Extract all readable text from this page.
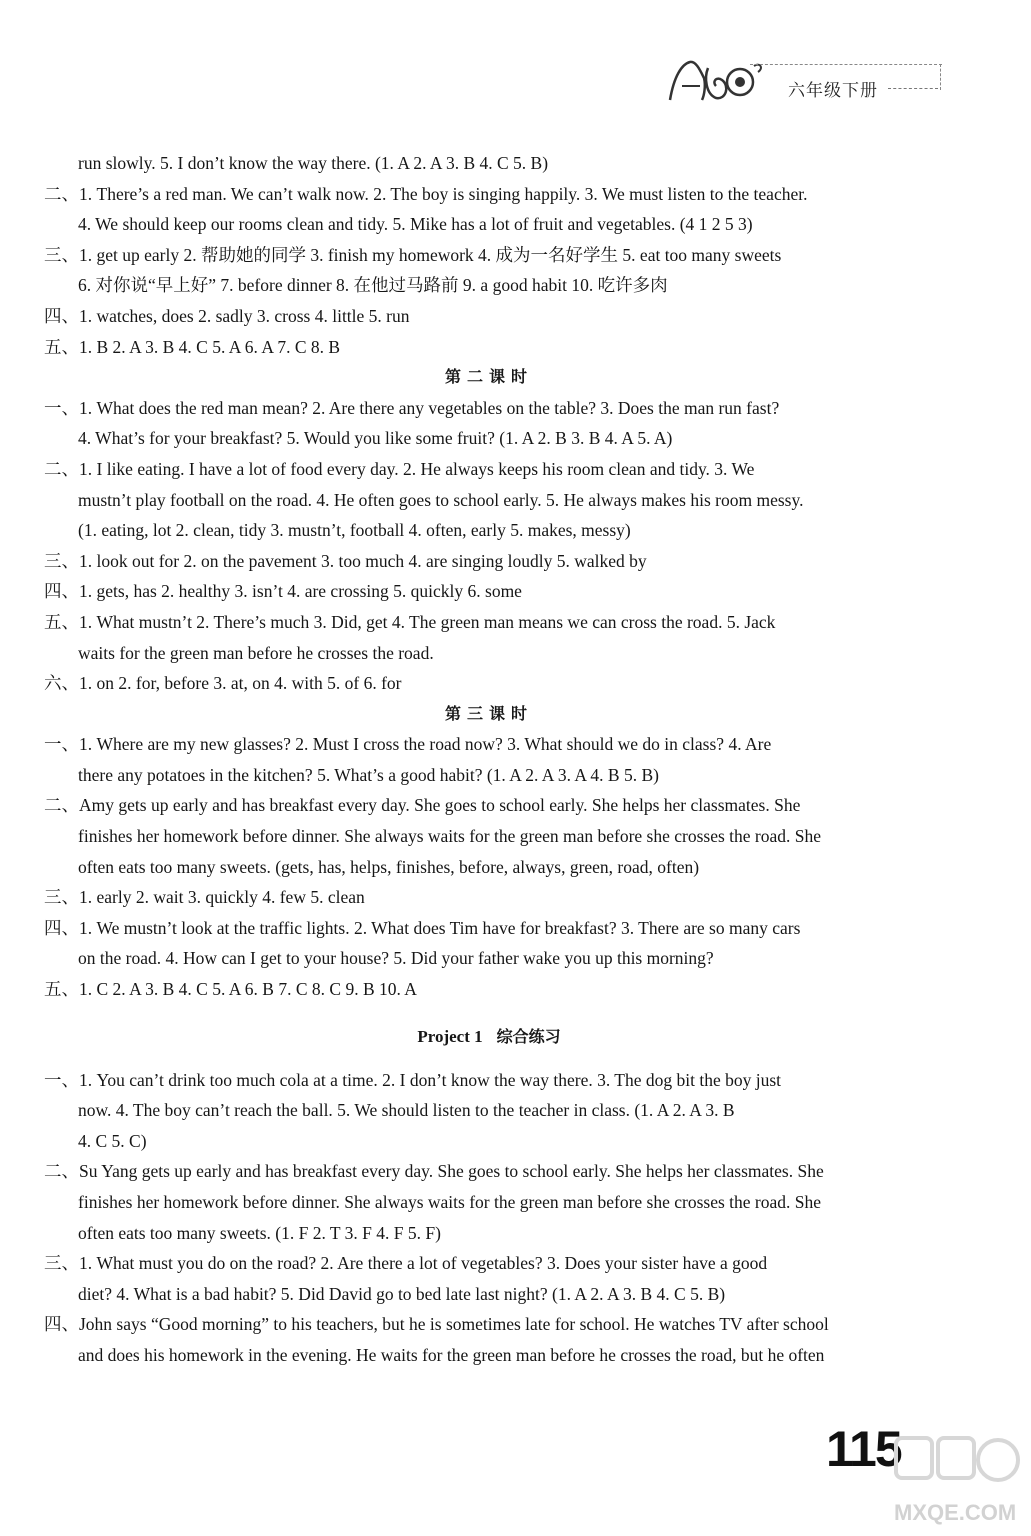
六年级下册
run slowly. 5. I don’t know the way there. (1. A 2. A 3. B 4. C 5. B)
二、1. There’s a red man. We can’t walk now. 2. The boy is singing happily. 3. We must listen to the teacher.
4. We should keep our rooms clean and tidy. 5. Mike has a lot of fruit and vegetables. (4 1 2 5 3)
三、1. get up early 2. 帮助她的同学 3. finish my homework 4. 成为一名好学生 5. eat too many sweets
6. 对你说“早上好” 7. before dinner 8. 在他过马路前 9. a good habit 10. 吃许多肉
四、1. watches, does 2. sadly 3. cross 4. little 5. run
五、1. B 2. A 3. B 4. C 5. A 6. A 7. C 8. B
第二课时
一、1. What does the red man mean? 2. Are there any vegetables on the table? 3. Does the man run fast?
4. What’s for your breakfast? 5. Would you like some fruit? (1. A 2. B 3. B 4. A 5. A)
二、1. I like eating. I have a lot of food every day. 2. He always keeps his room clean and tidy. 3. We
mustn’t play football on the road. 4. He often goes to school early. 5. He always makes his room messy.
(1. eating, lot 2. clean, tidy 3. mustn’t, football 4. often, early 5. makes, messy)
三、1. look out for 2. on the pavement 3. too much 4. are singing loudly 5. walked by
四、1. gets, has 2. healthy 3. isn’t 4. are crossing 5. quickly 6. some
五、1. What mustn’t 2. There’s much 3. Did, get 4. The green man means we can cross the road. 5. Jack
waits for the green man before he crosses the road.
六、1. on 2. for, before 3. at, on 4. with 5. of 6. for
第三课时
一、1. Where are my new glasses? 2. Must I cross the road now? 3. What should we do in class? 4. Are
there any potatoes in the kitchen? 5. What’s a good habit? (1. A 2. A 3. A 4. B 5. B)
二、Amy gets up early and has breakfast every day. She goes to school early. She helps her classmates. She
finishes her homework before dinner. She always waits for the green man before she crosses the road. She
often eats too many sweets. (gets, has, helps, finishes, before, always, green, road, often)
三、1. early 2. wait 3. quickly 4. few 5. clean
四、1. We mustn’t look at the traffic lights. 2. What does Tim have for breakfast? 3. There are so many cars
on the road. 4. How can I get to your house? 5. Did your father wake you up this morning?
五、1. C 2. A 3. B 4. C 5. A 6. B 7. C 8. C 9. B 10. A
Project 1 综合练习
一、1. You can’t drink too much cola at a time. 2. I don’t know the way there. 3. The dog bit the boy just
now. 4. The boy can’t reach the ball. 5. We should listen to the teacher in class. (1. A 2. A 3. B
4. C 5. C)
二、Su Yang gets up early and has breakfast every day. She goes to school early. She helps her classmates. She
finishes her homework before dinner. She always waits for the green man before she crosses the road. She
often eats too many sweets. (1. F 2. T 3. F 4. F 5. F)
三、1. What must you do on the road? 2. Are there a lot of vegetables? 3. Does your sister have a good
diet? 4. What is a bad habit? 5. Did David go to bed late last night? (1. A 2. A 3. B 4. C 5. B)
四、John says “Good morning” to his teachers, but he is sometimes late for school. He watches TV after school
and does his homework in the evening. He waits for the green man before he crosses the road, but he often
115
MXQE.COM
